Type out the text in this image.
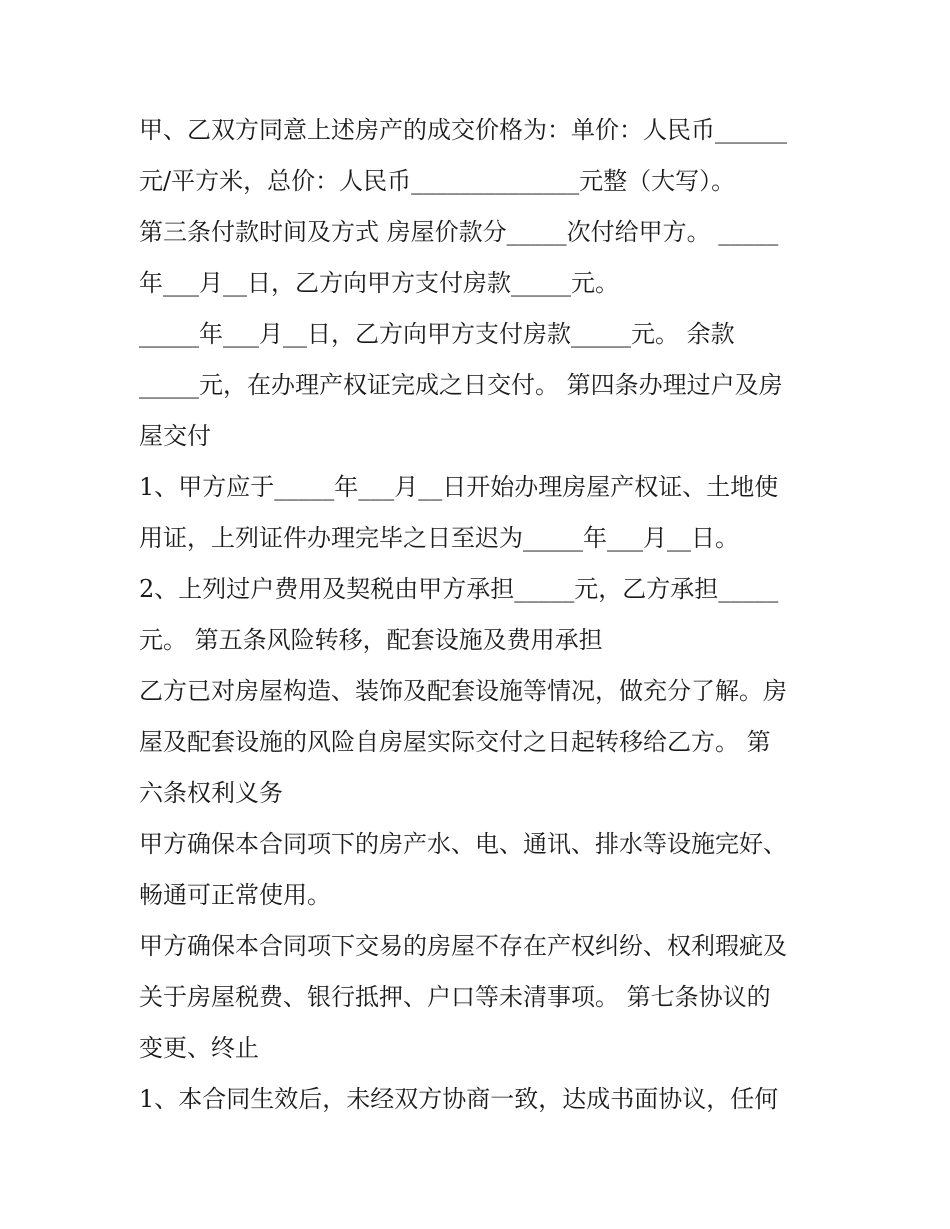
甲、乙双方同意上述房产的成交价格为：单价：人民币______
元/平方米，总价：人民币______________元整（大写）。
第三条付款时间及方式 房屋价款分_____次付给甲方。 _____
年___月__日，乙方向甲方支付房款_____元。
_____年___月__日，乙方向甲方支付房款_____元。 余款
_____元，在办理产权证完成之日交付。 第四条办理过户及房
屋交付
1、甲方应于_____年___月__日开始办理房屋产权证、土地使
用证，上列证件办理完毕之日至迟为_____年___月__日。
2、上列过户费用及契税由甲方承担_____元，乙方承担_____
元。 第五条风险转移，配套设施及费用承担
乙方已对房屋构造、装饰及配套设施等情况，做充分了解。房
屋及配套设施的风险自房屋实际交付之日起转移给乙方。 第
六条权利义务
甲方确保本合同项下的房产水、电、通讯、排水等设施完好、
畅通可正常使用。
甲方确保本合同项下交易的房屋不存在产权纠纷、权利瑕疵及
关于房屋税费、银行抵押、户口等未清事项。 第七条协议的
变更、终止
1、本合同生效后，未经双方协商一致，达成书面协议，任何
